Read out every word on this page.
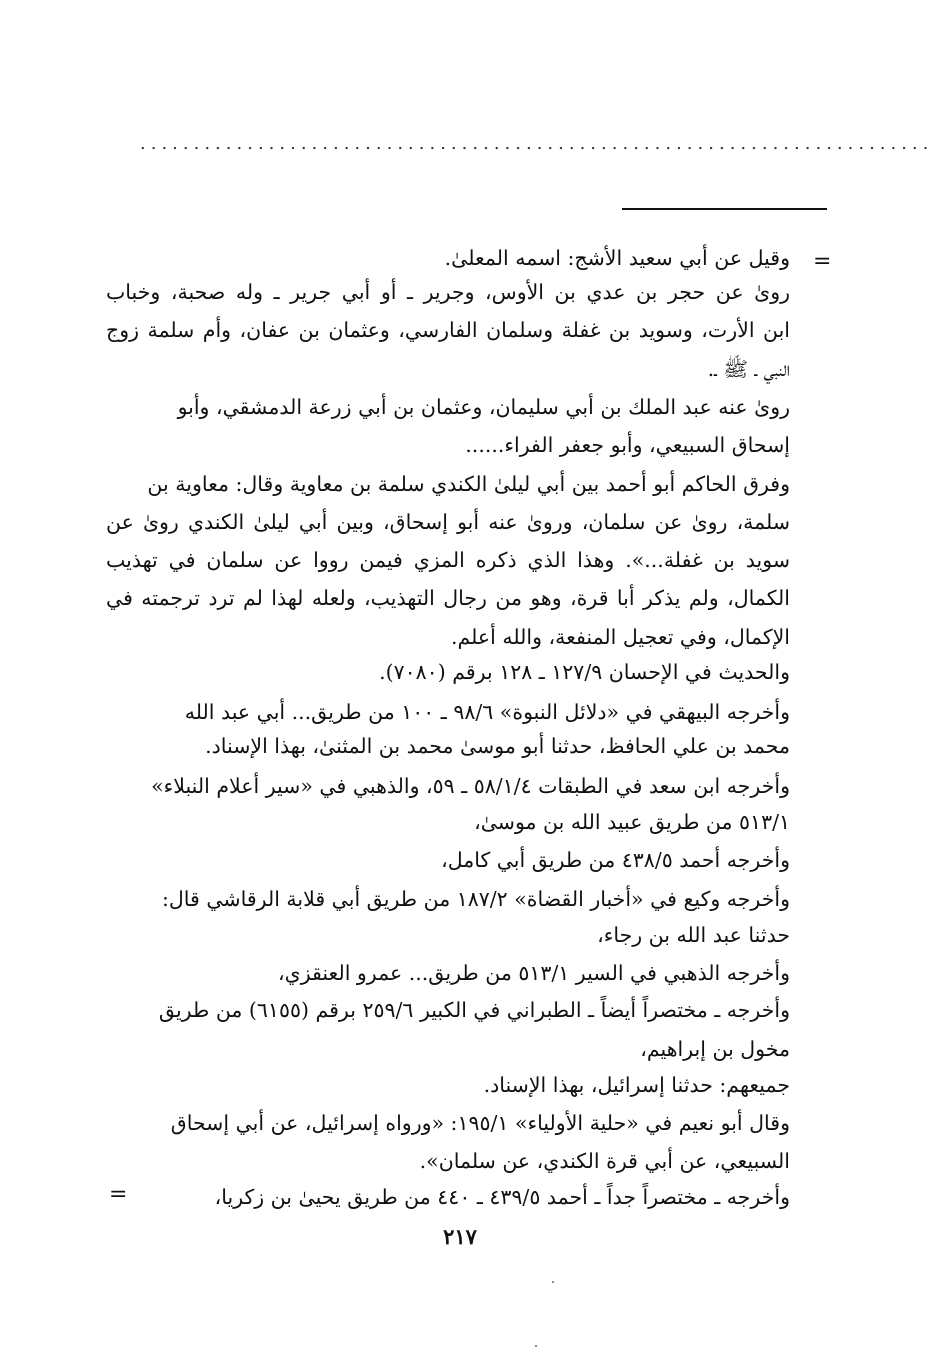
..........................................................................
=
وقيل عن أبي سعيد الأشج: اسمه المعلىٰ.
رویٰ عن حجر بن عدي بن الأوس، وجرير ـ أو أبي جرير ـ وله صحبة، وخباب
ابن الأرت، وسويد بن غفلة وسلمان الفارسي، وعثمان بن عفان، وأم سلمة زوج
النبي ـ ﷺ ـ.
رویٰ عنه عبد الملك بن أبي سليمان، وعثمان بن أبي زرعة الدمشقي، وأبو
إسحاق السبيعي، وأبو جعفر الفراء......
وفرق الحاكم أبو أحمد بين أبي ليلىٰ الكندي سلمة بن معاوية وقال: معاوية بن
سلمة، رویٰ عن سلمان، وروىٰ عنه أبو إسحاق، وبين أبي ليلىٰ الكندي رویٰ عن
سويد بن غفلة...». وهذا الذي ذكره المزي فيمن رووا عن سلمان في تهذيب
الكمال، ولم يذكر أبا قرة، وهو من رجال التهذيب، ولعله لهذا لم ترد ترجمته في
الإكمال، وفي تعجيل المنفعة، والله أعلم.
والحديث في الإحسان ١٢٧/٩ ـ ١٢٨ برقم (٧٠٨٠).
وأخرجه البيهقي في «دلائل النبوة» ٩٨/٦ ـ ١٠٠ من طريق... أبي عبد الله
محمد بن علي الحافظ، حدثنا أبو موسىٰ محمد بن المثنىٰ، بهذا الإسناد.
وأخرجه ابن سعد في الطبقات ٥٨/١/٤ ـ ٥٩، والذهبي في «سير أعلام النبلاء»
٥١٣/١ من طريق عبيد الله بن موسىٰ،
وأخرجه أحمد ٤٣٨/٥ من طريق أبي كامل،
وأخرجه وكيع في «أخبار القضاة» ١٨٧/٢ من طريق أبي قلابة الرقاشي قال:
حدثنا عبد الله بن رجاء،
وأخرجه الذهبي في السير ٥١٣/١ من طريق... عمرو العنقزي،
وأخرجه ـ مختصراً أيضاً ـ الطبراني في الكبير ٢٥٩/٦ برقم (٦١٥٥) من طريق
مخول بن إبراهيم،
جميعهم: حدثنا إسرائيل، بهذا الإسناد.
وقال أبو نعيم في «حلية الأولياء» ١٩٥/١: «ورواه إسرائيل، عن أبي إسحاق
السبيعي، عن أبي قرة الكندي، عن سلمان».
وأخرجه ـ مختصراً جداً ـ أحمد ٤٣٩/٥ ـ ٤٤٠ من طريق يحيىٰ بن زكريا،
=
٢١٧
